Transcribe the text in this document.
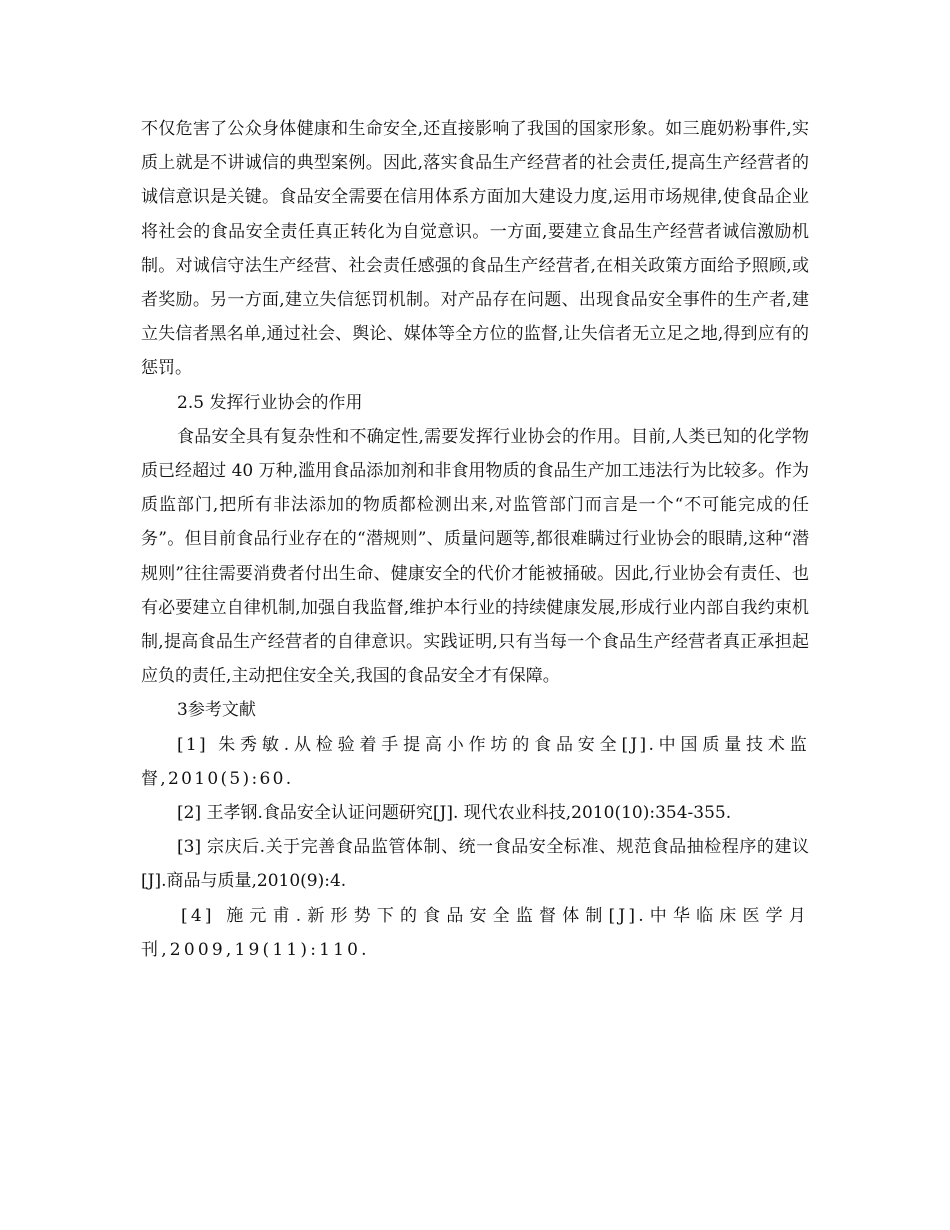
不仅危害了公众身体健康和生命安全,还直接影响了我国的国家形象。如三鹿奶粉事件,实质上就是不讲诚信的典型案例。因此,落实食品生产经营者的社会责任,提高生产经营者的诚信意识是关键。食品安全需要在信用体系方面加大建设力度,运用市场规律,使食品企业将社会的食品安全责任真正转化为自觉意识。一方面,要建立食品生产经营者诚信激励机制。对诚信守法生产经营、社会责任感强的食品生产经营者,在相关政策方面给予照顾,或者奖励。另一方面,建立失信惩罚机制。对产品存在问题、出现食品安全事件的生产者,建立失信者黑名单,通过社会、舆论、媒体等全方位的监督,让失信者无立足之地,得到应有的惩罚。

2.5 发挥行业协会的作用

食品安全具有复杂性和不确定性,需要发挥行业协会的作用。目前,人类已知的化学物质已经超过 40 万种,滥用食品添加剂和非食用物质的食品生产加工违法行为比较多。作为质监部门,把所有非法添加的物质都检测出来,对监管部门而言是一个“不可能完成的任务”。但目前食品行业存在的“潜规则”、质量问题等,都很难瞒过行业协会的眼睛,这种“潜规则”往往需要消费者付出生命、健康安全的代价才能被捅破。因此,行业协会有责任、也有必要建立自律机制,加强自我监督,维护本行业的持续健康发展,形成行业内部自我约束机制,提高食品生产经营者的自律意识。实践证明,只有当每一个食品生产经营者真正承担起应负的责任,主动把住安全关,我国的食品安全才有保障。

3参考文献

[1] 朱秀敏.从检验着手提高小作坊的食品安全[J].中国质量技术监督,2010(5):60.

[2] 王孝钢.食品安全认证问题研究[J]. 现代农业科技,2010(10):354-355.

[3] 宗庆后.关于完善食品监管体制、统一食品安全标准、规范食品抽检程序的建议[J].商品与质量,2010(9):4.

[4] 施元甫.新形势下的食品安全监督体制[J].中华临床医学月刊,2009,19(11):110.
